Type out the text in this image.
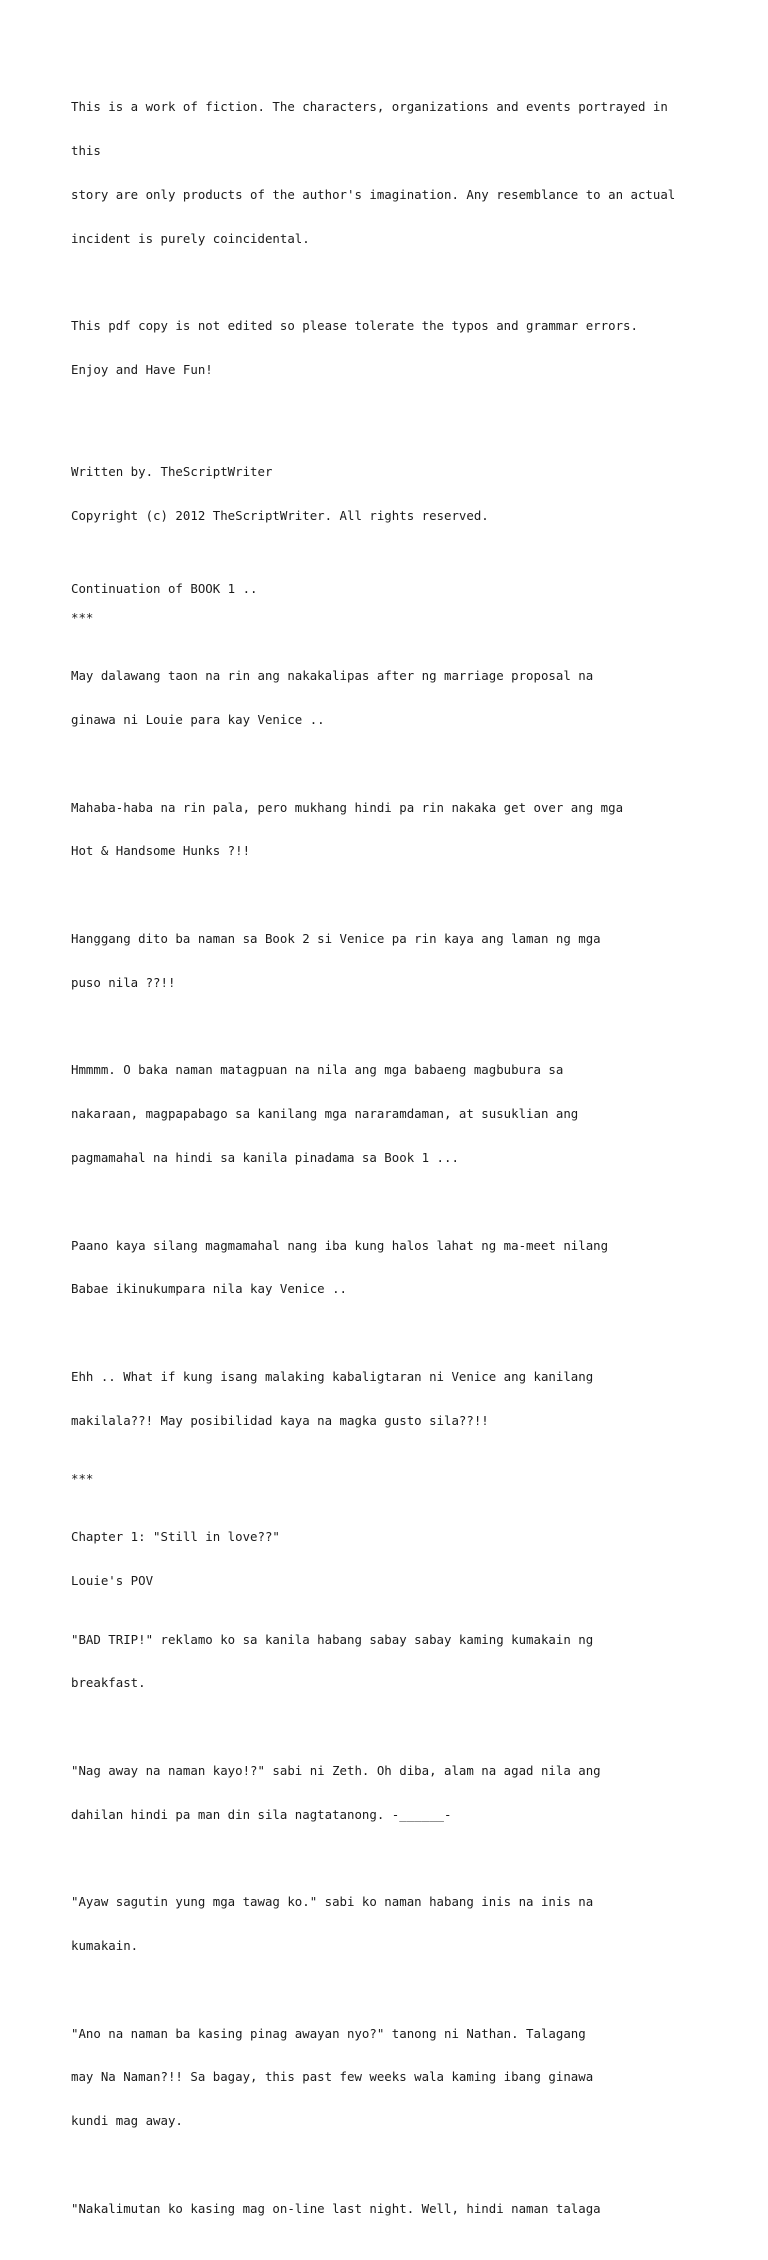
This is a work of fiction. The characters, organizations and events portrayed in

this

story are only products of the author's imagination. Any resemblance to an actual

incident is purely coincidental.

This pdf copy is not edited so please tolerate the typos and grammar errors.

Enjoy and Have Fun!

Written by. TheScriptWriter

Copyright (c) 2012 TheScriptWriter. All rights reserved.

Continuation of BOOK 1 ..
***

May dalawang taon na rin ang nakakalipas after ng marriage proposal na

ginawa ni Louie para kay Venice ..

Mahaba-haba na rin pala, pero mukhang hindi pa rin nakaka get over ang mga

Hot & Handsome Hunks ?!!

Hanggang dito ba naman sa Book 2 si Venice pa rin kaya ang laman ng mga

puso nila ??!!

Hmmmm. O baka naman matagpuan na nila ang mga babaeng magbubura sa

nakaraan, magpapabago sa kanilang mga nararamdaman, at susuklian ang

pagmamahal na hindi sa kanila pinadama sa Book 1 ...

Paano kaya silang magmamahal nang iba kung halos lahat ng ma-meet nilang

Babae ikinukumpara nila kay Venice ..

Ehh .. What if kung isang malaking kabaligtaran ni Venice ang kanilang

makilala??! May posibilidad kaya na magka gusto sila??!!

***
Chapter 1: "Still in love??"
Louie's POV

"BAD TRIP!" reklamo ko sa kanila habang sabay sabay kaming kumakain ng

breakfast.

"Nag away na naman kayo!?" sabi ni Zeth. Oh diba, alam na agad nila ang

dahilan hindi pa man din sila nagtatanong. -______-

"Ayaw sagutin yung mga tawag ko." sabi ko naman habang inis na inis na

kumakain.

"Ano na naman ba kasing pinag awayan nyo?" tanong ni Nathan. Talagang

may Na Naman?!! Sa bagay, this past few weeks wala kaming ibang ginawa

kundi mag away.

"Nakalimutan ko kasing mag on-line last night. Well, hindi naman talaga
